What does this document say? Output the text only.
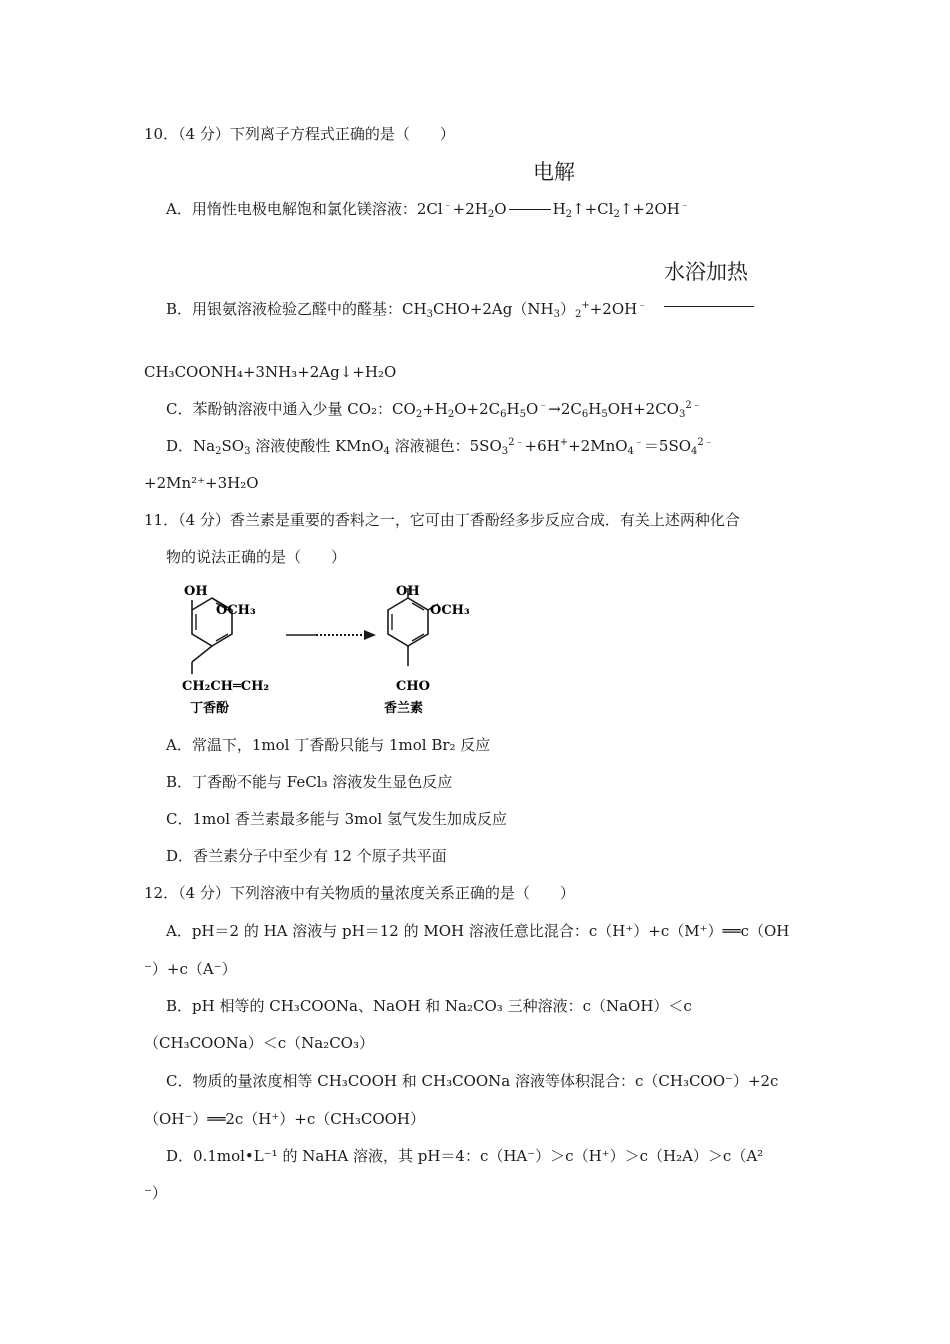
10．（4 分）下列离子方程式正确的是（　　）
电解
A．用惰性电极电解饱和氯化镁溶液：$2Cl^﹣+2H_2O$	$H_2↑+Cl_2↑+2OH^﹣$
水浴加热
B．用银氨溶液检验乙醛中的醛基：$CH_3CHO+2Ag(NH_3)_2^++2OH^﹣$
CH₃COONH₄+3NH₃+2Ag↓+H₂O
C．苯酚钠溶液中通入少量 CO₂：$CO_2+H_2O+2C_6H_5O^﹣\to 2C_6H_5OH+2CO_3^{2﹣}$
D．$Na_2SO_3$ 溶液使酸性 KMnO$_4$ 溶液褪色：$5SO_3^{2﹣}+6H^++2MnO_4^﹣=5SO_4^{2﹣}$
+2Mn²⁺+3H₂O
11．（4 分）香兰素是重要的香料之一，它可由丁香酚经多步反应合成．有关上述两种化合
物的说法正确的是（　　）
OH
OCH₃
CH₂CH═CH₂
丁香酚
OH
OCH₃
CHO
香兰素
A．常温下，1mol 丁香酚只能与 1mol Br₂ 反应
B．丁香酚不能与 FeCl₃ 溶液发生显色反应
C．1mol 香兰素最多能与 3mol 氢气发生加成反应
D．香兰素分子中至少有 12 个原子共平面
12．（4 分）下列溶液中有关物质的量浓度关系正确的是（　　）
A．pH＝2 的 HA 溶液与 pH＝12 的 MOH 溶液任意比混合：c（H⁺）+c（M⁺）══c（OH
⁻）+c（A⁻）
B．pH 相等的 CH₃COONa、NaOH 和 Na₂CO₃ 三种溶液：c（NaOH）＜c
（CH₃COONa）＜c（Na₂CO₃）
C．物质的量浓度相等 CH₃COOH 和 CH₃COONa 溶液等体积混合：c（CH₃COO⁻）+2c
（OH⁻）══2c（H⁺）+c（CH₃COOH）
D．0.1mol•L⁻¹ 的 NaHA 溶液，其 pH＝4：c（HA⁻）＞c（H⁺）＞c（H₂A）＞c（A²
⁻）
